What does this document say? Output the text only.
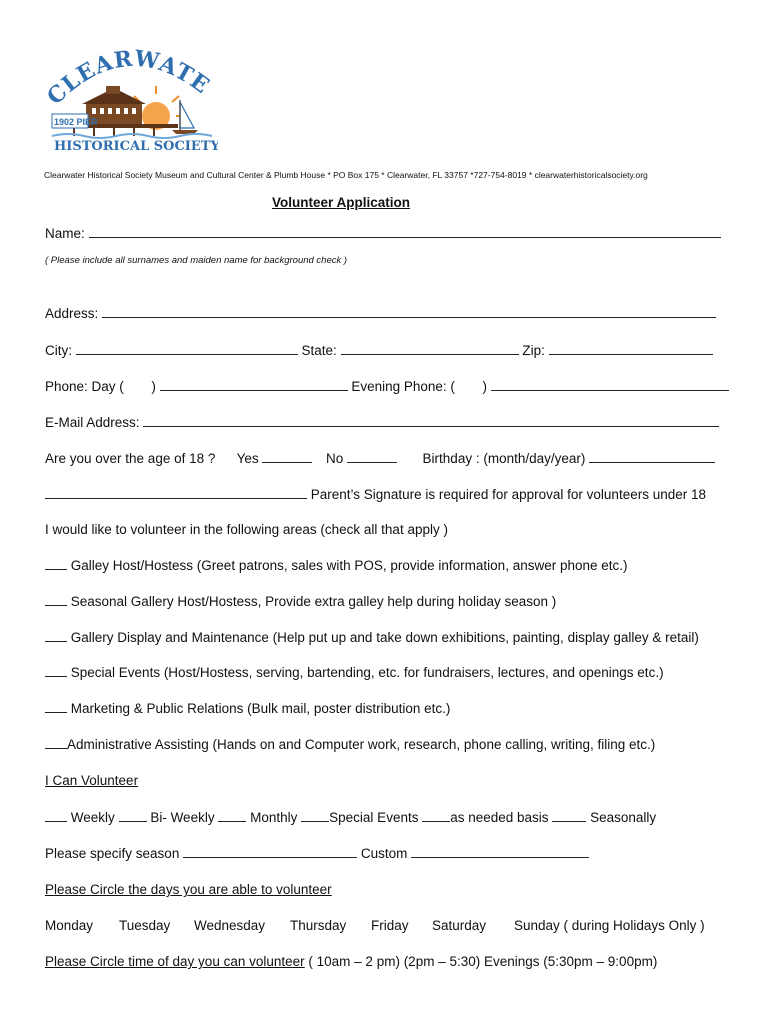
LEARWATE
1902 PIER
HISTORICAL SOCIETY
Clearwater Historical Society Museum and Cultural Center & Plumb House * PO Box 175 * Clearwater, FL 33757 *727-754-8019 * clearwaterhistoricalsociety.org
Volunteer Application
Name:
( Please include all surnames and maiden name for background check )
Address:
City:	State:	Zip:
Phone: Day ( )	Evening Phone: ( )
E-Mail Address:
Are you over the age of 18 ? Yes	No	Birthday : (month/day/year)
Parent’s Signature is required for approval for volunteers under 18
I would like to volunteer in the following areas (check all that apply )
Galley Host/Hostess (Greet patrons, sales with POS, provide information, answer phone etc.)
Seasonal Gallery Host/Hostess, Provide extra galley help during holiday season )
Gallery Display and Maintenance (Help put up and take down exhibitions, painting, display galley & retail)
Special Events (Host/Hostess, serving, bartending, etc. for fundraisers, lectures, and openings etc.)
Marketing & Public Relations (Bulk mail, poster distribution etc.)
Administrative Assisting (Hands on and Computer work, research, phone calling, writing, filing etc.)
I Can Volunteer
Weekly	Bi- Weekly	Monthly Special Events as needed basis	Seasonally
Please specify season	Custom
Please Circle the days you are able to volunteer
Monday Tuesday Wednesday Thursday Friday Saturday Sunday ( during Holidays Only )
Please Circle time of day you can volunteer ( 10am – 2 pm) (2pm – 5:30) Evenings (5:30pm – 9:00pm)
